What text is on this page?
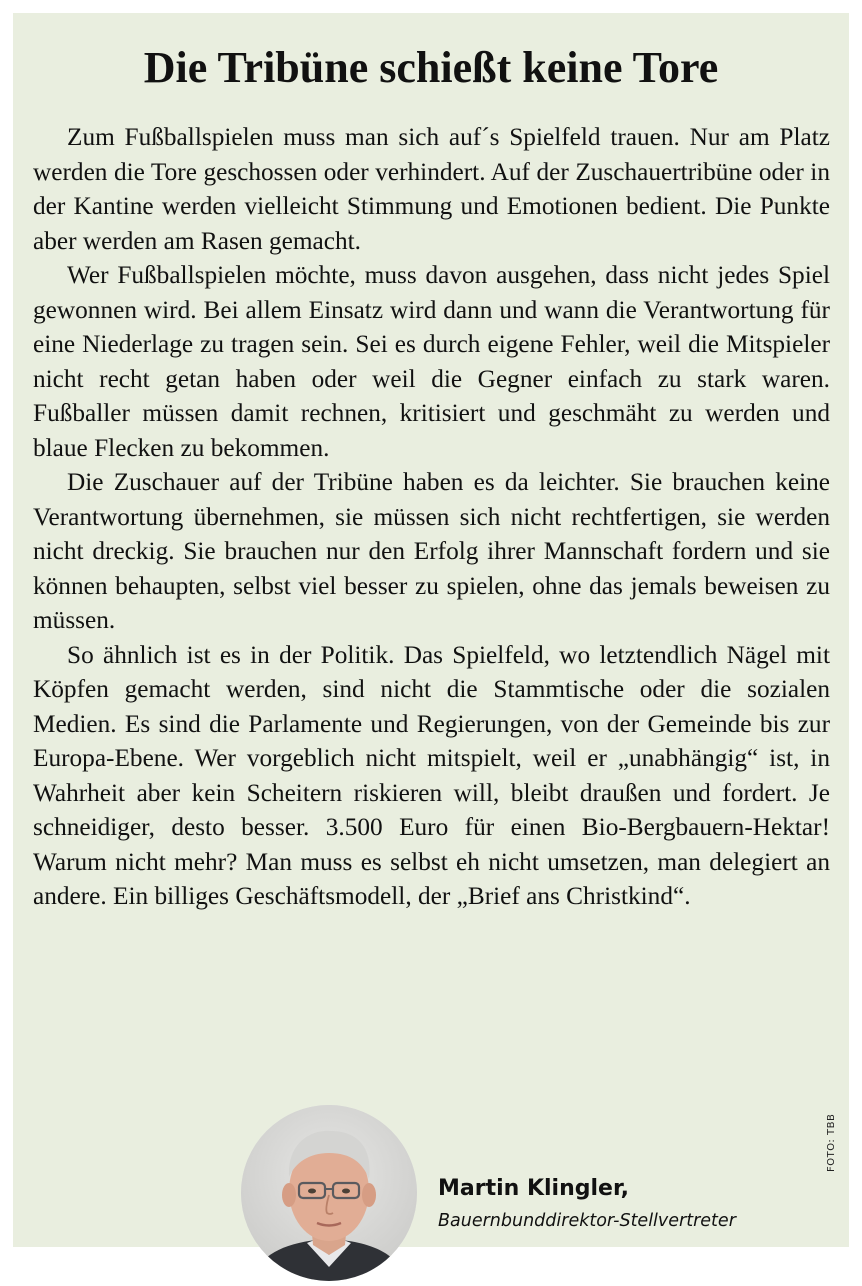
Die Tribüne schießt keine Tore

Zum Fußballspielen muss man sich auf´s Spielfeld trauen. Nur am Platz werden die Tore geschossen oder verhindert. Auf der Zuschauertribüne oder in der Kantine werden vielleicht Stimmung und Emotionen bedient. Die Punkte aber werden am Rasen gemacht.

Wer Fußballspielen möchte, muss davon ausgehen, dass nicht jedes Spiel gewonnen wird. Bei allem Einsatz wird dann und wann die Verantwortung für eine Niederlage zu tragen sein. Sei es durch eigene Fehler, weil die Mitspieler nicht recht getan haben oder weil die Gegner einfach zu stark waren. Fußballer müssen damit rechnen, kritisiert und geschmäht zu werden und blaue Flecken zu bekommen.

Die Zuschauer auf der Tribüne haben es da leichter. Sie brauchen keine Verantwortung übernehmen, sie müssen sich nicht rechtfertigen, sie werden nicht dreckig. Sie brauchen nur den Erfolg ihrer Mannschaft fordern und sie können behaupten, selbst viel besser zu spielen, ohne das jemals beweisen zu müssen.

So ähnlich ist es in der Politik. Das Spielfeld, wo letztendlich Nägel mit Köpfen gemacht werden, sind nicht die Stammtische oder die sozialen Medien. Es sind die Parlamente und Regierungen, von der Gemeinde bis zur Europa-Ebene. Wer vorgeblich nicht mitspielt, weil er „unabhängig“ ist, in Wahrheit aber kein Scheitern riskieren will, bleibt draußen und fordert. Je schneidiger, desto besser. 3.500 Euro für einen Bio-Bergbauern-Hektar! Warum nicht mehr? Man muss es selbst eh nicht umsetzen, man delegiert an andere. Ein billiges Geschäftsmodell, der „Brief ans Christkind“.

Martin Klingler,
Bauernbunddirektor-Stellvertreter
FOTO: TBB
